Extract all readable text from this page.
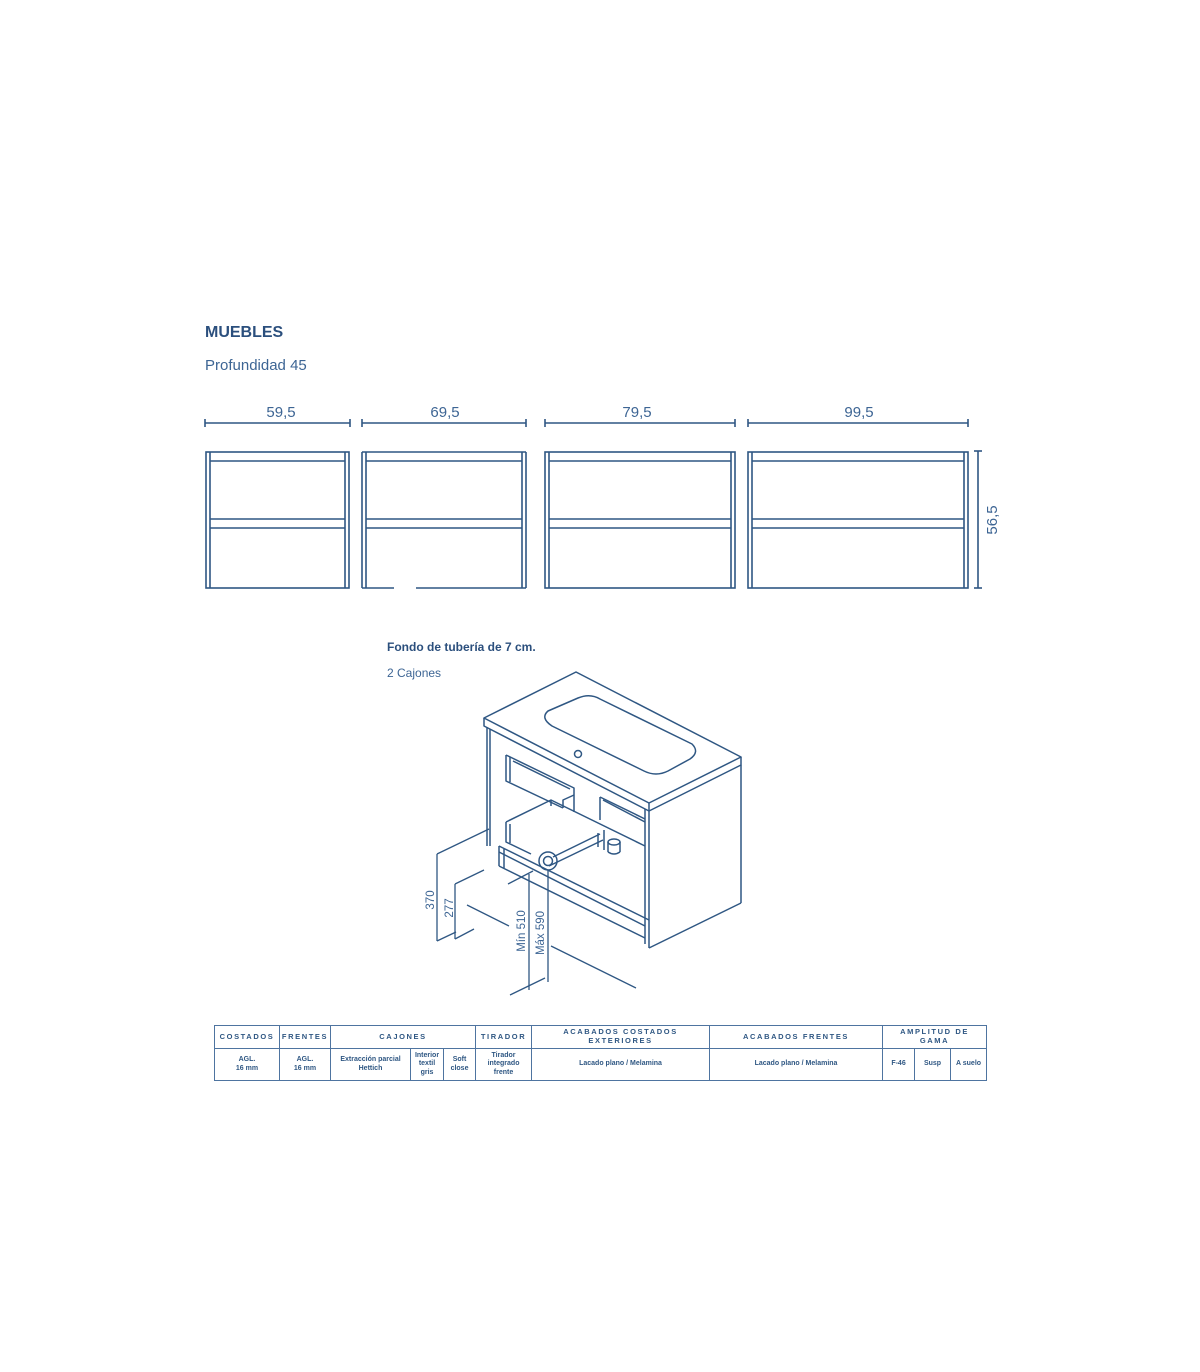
MUEBLES
Profundidad 45
59,5	69,5	79,5	99,5
56,5
Fondo de tubería de 7 cm.
2 Cajones
370 277
Mín 510 Máx 590
COSTADOS	FRENTES	CAJONES			TIRADOR	ACABADOS COSTADOS EXTERIORES	ACABADOS FRENTES	AMPLITUD DE GAMA		
AGL.
16 mm	AGL.
16 mm	Extracción parcial
Hettich	Interior
textil
gris	Soft
close	Tirador
integrado
frente	Lacado plano / Melamina	Lacado plano / Melamina	F-46	Susp	A suelo
